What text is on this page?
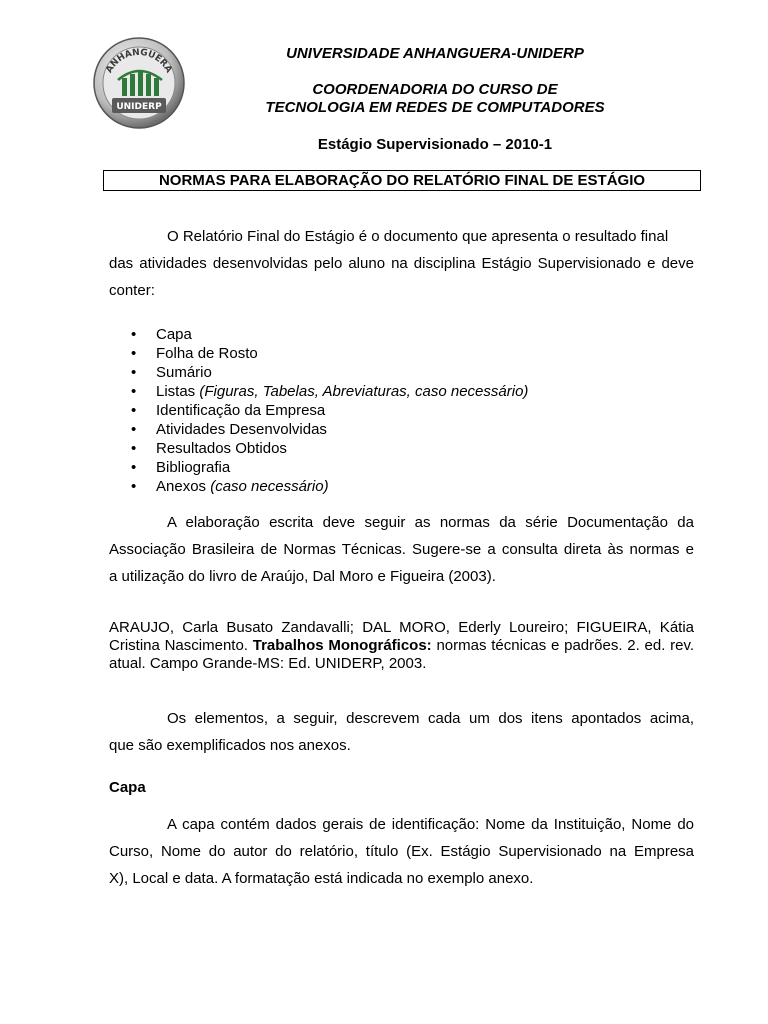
ANHANGUERA
UNIDERP
UNIVERSIDADE ANHANGUERA-UNIDERP
COORDENADORIA DO CURSO DE
TECNOLOGIA EM REDES DE COMPUTADORES
Estágio Supervisionado – 2010-1
NORMAS PARA ELABORAÇÃO DO RELATÓRIO FINAL DE ESTÁGIO
O Relatório Final do Estágio é o documento que apresenta o resultado final
das atividades desenvolvidas pelo aluno na disciplina Estágio Supervisionado e deve
conter:
• Capa
• Folha de Rosto
• Sumário
• Listas (Figuras, Tabelas, Abreviaturas, caso necessário)
• Identificação da Empresa
• Atividades Desenvolvidas
• Resultados Obtidos
• Bibliografia
• Anexos (caso necessário)
A elaboração escrita deve seguir as normas da série Documentação da
Associação Brasileira de Normas Técnicas. Sugere-se a consulta direta às normas e
a utilização do livro de Araújo, Dal Moro e Figueira (2003).
ARAUJO, Carla Busato Zandavalli; DAL MORO, Ederly Loureiro; FIGUEIRA, Kátia Cristina Nascimento. Trabalhos Monográficos: normas técnicas e padrões. 2. ed. rev. atual. Campo Grande-MS: Ed. UNIDERP, 2003.
Os elementos, a seguir, descrevem cada um dos itens apontados acima,
que são exemplificados nos anexos.
Capa
A capa contém dados gerais de identificação: Nome da Instituição, Nome do
Curso, Nome do autor do relatório, título (Ex. Estágio Supervisionado na Empresa
X), Local e data. A formatação está indicada no exemplo anexo.
